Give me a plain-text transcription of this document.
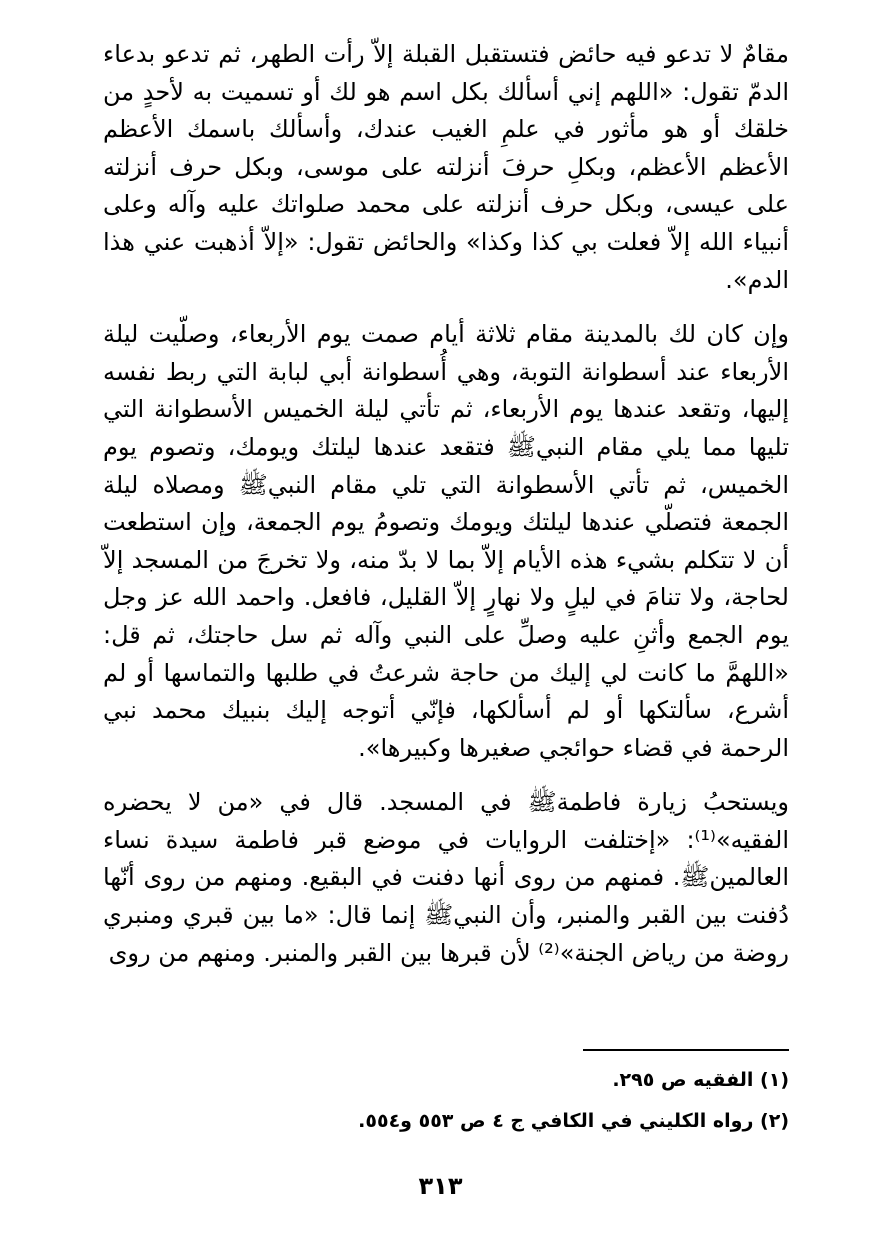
مقامٌ لا تدعو فيه حائض فتستقبل القبلة إلاّ رأت الطهر، ثم تدعو بدعاء الدمّ تقول: «اللهم إني أسألك بكل اسم هو لك أو تسميت به لأحدٍ من خلقك أو هو مأثور في علمِ الغيب عندك، وأسألك باسمك الأعظم الأعظم الأعظم، وبكلِ حرفَ أنزلته على موسى، وبكل حرف أنزلته على عيسى، وبكل حرف أنزلته على محمد صلواتك عليه وآله وعلى أنبياء الله إلاّ فعلت بي كذا وكذا» والحائض تقول: «إلاّ أذهبت عني هذا الدم».

وإن كان لك بالمدينة مقام ثلاثة أيام صمت يوم الأربعاء، وصلّيت ليلة الأربعاء عند أسطوانة التوبة، وهي أُسطوانة أبي لبابة التي ربط نفسه إليها، وتقعد عندها يوم الأربعاء، ثم تأتي ليلة الخميس الأسطوانة التي تليها مما يلي مقام النبيﷺ فتقعد عندها ليلتك ويومك، وتصوم يوم الخميس، ثم تأتي الأسطوانة التي تلي مقام النبيﷺ ومصلاه ليلة الجمعة فتصلّي عندها ليلتك ويومك وتصومُ يوم الجمعة، وإن استطعت أن لا تتكلم بشيء هذه الأيام إلاّ بما لا بدّ منه، ولا تخرجَ من المسجد إلاّ لحاجة، ولا تنامَ في ليلٍ ولا نهارٍ إلاّ القليل، فافعل. واحمد الله عز وجل يوم الجمع وأثنِ عليه وصلِّ على النبي وآله ثم سل حاجتك، ثم قل: «اللهمَّ ما كانت لي إليك من حاجة شرعتُ في طلبها والتماسها أو لم أشرع، سألتكها أو لم أسألكها، فإنّي أتوجه إليك بنبيك محمد نبي الرحمة في قضاء حوائجي صغيرها وكبيرها».

ويستحبُ زيارة فاطمةﷺ في المسجد. قال في «من لا يحضره الفقيه»⁽¹⁾: «إختلفت الروايات في موضع قبر فاطمة سيدة نساء العالمينﷺ. فمنهم من روى أنها دفنت في البقيع. ومنهم من روى أنّها دُفنت بين القبر والمنبر، وأن النبيﷺ إنما قال: «ما بين قبري ومنبري روضة من رياض الجنة»⁽²⁾ لأن قبرها بين القبر والمنبر. ومنهم من روى

(١) الفقيه ص ٢٩٥.

(٢) رواه الكليني في الكافي ج ٤ ص ٥٥٣ و٥٥٤.

٣١٣
